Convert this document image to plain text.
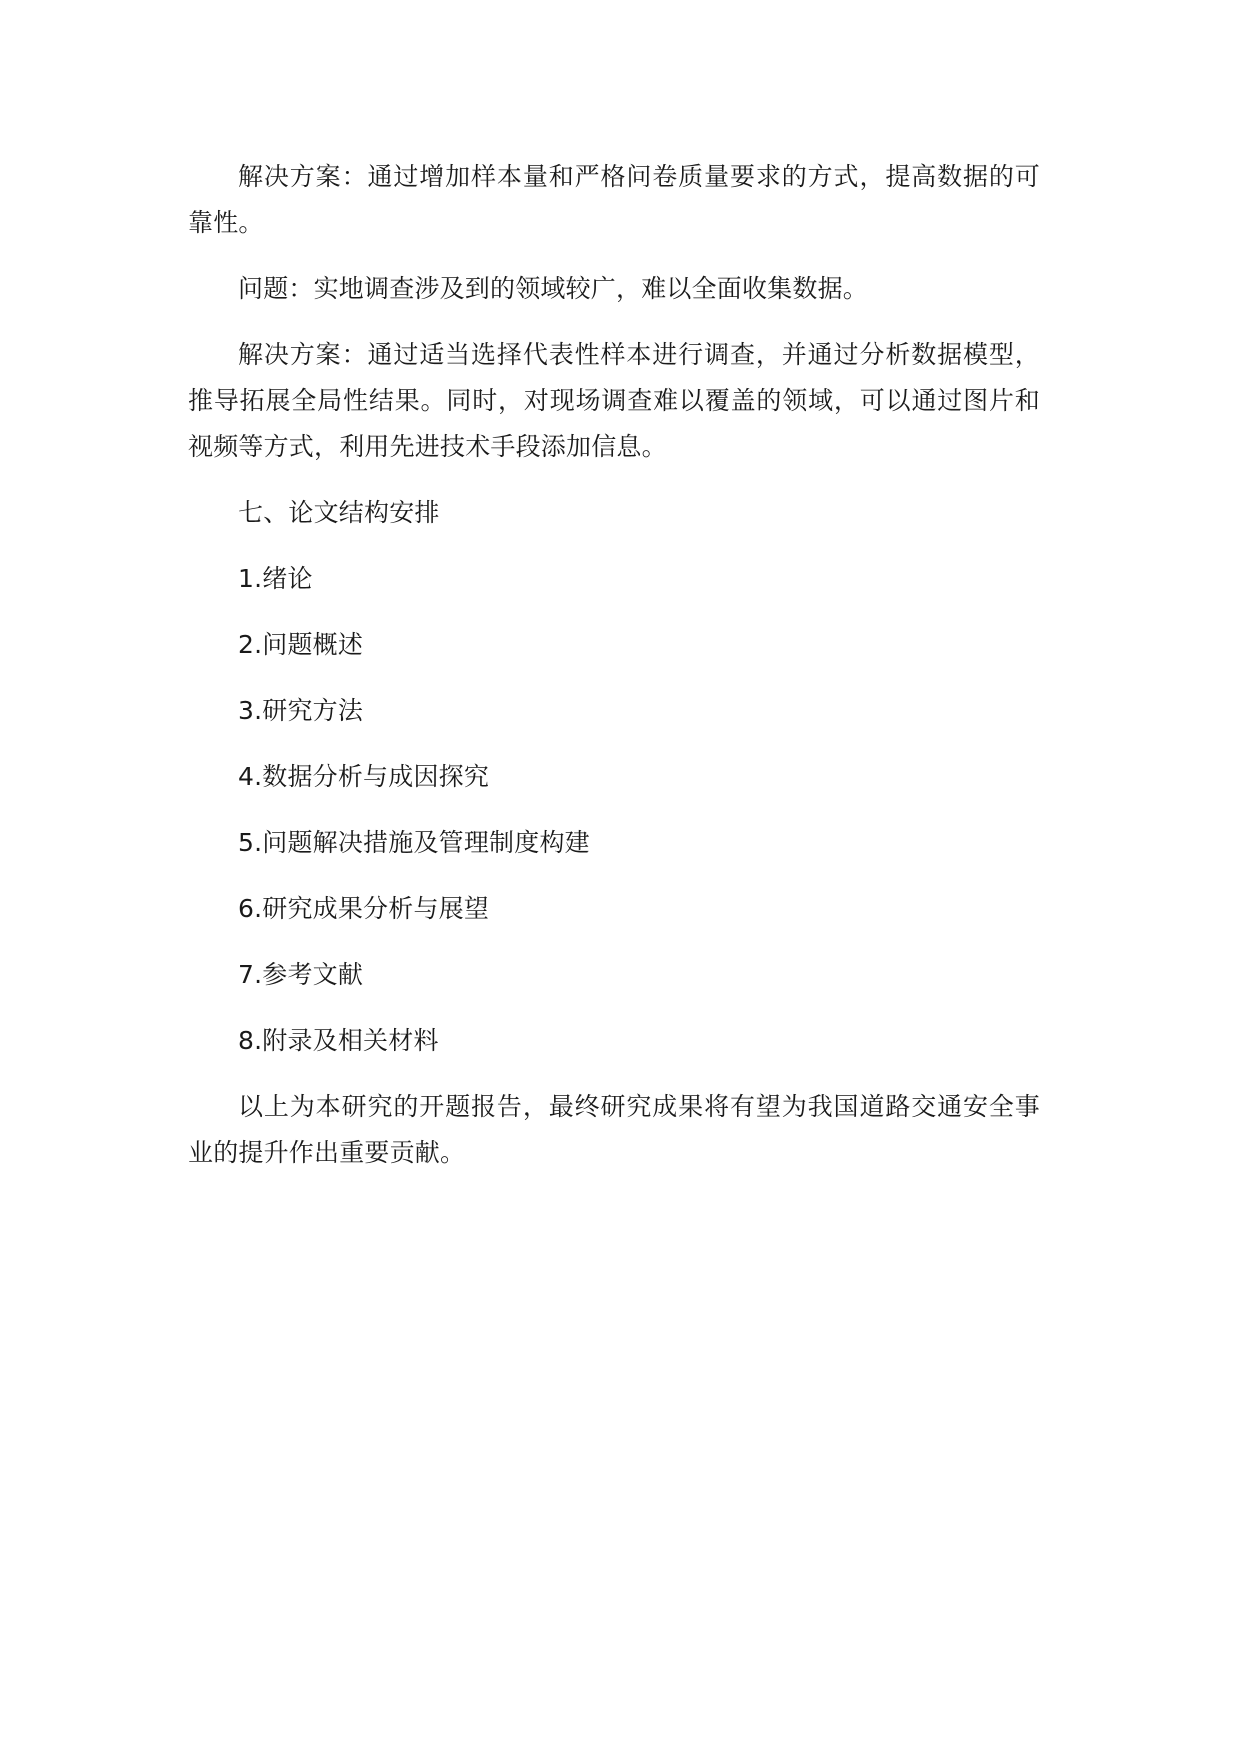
解决方案：通过增加样本量和严格问卷质量要求的方式，提高数据的可靠性。

问题：实地调查涉及到的领域较广，难以全面收集数据。

解决方案：通过适当选择代表性样本进行调查，并通过分析数据模型，推导拓展全局性结果。同时，对现场调查难以覆盖的领域，可以通过图片和视频等方式，利用先进技术手段添加信息。

七、论文结构安排

1.绪论

2.问题概述

3.研究方法

4.数据分析与成因探究

5.问题解决措施及管理制度构建

6.研究成果分析与展望

7.参考文献

8.附录及相关材料

以上为本研究的开题报告，最终研究成果将有望为我国道路交通安全事业的提升作出重要贡献。
